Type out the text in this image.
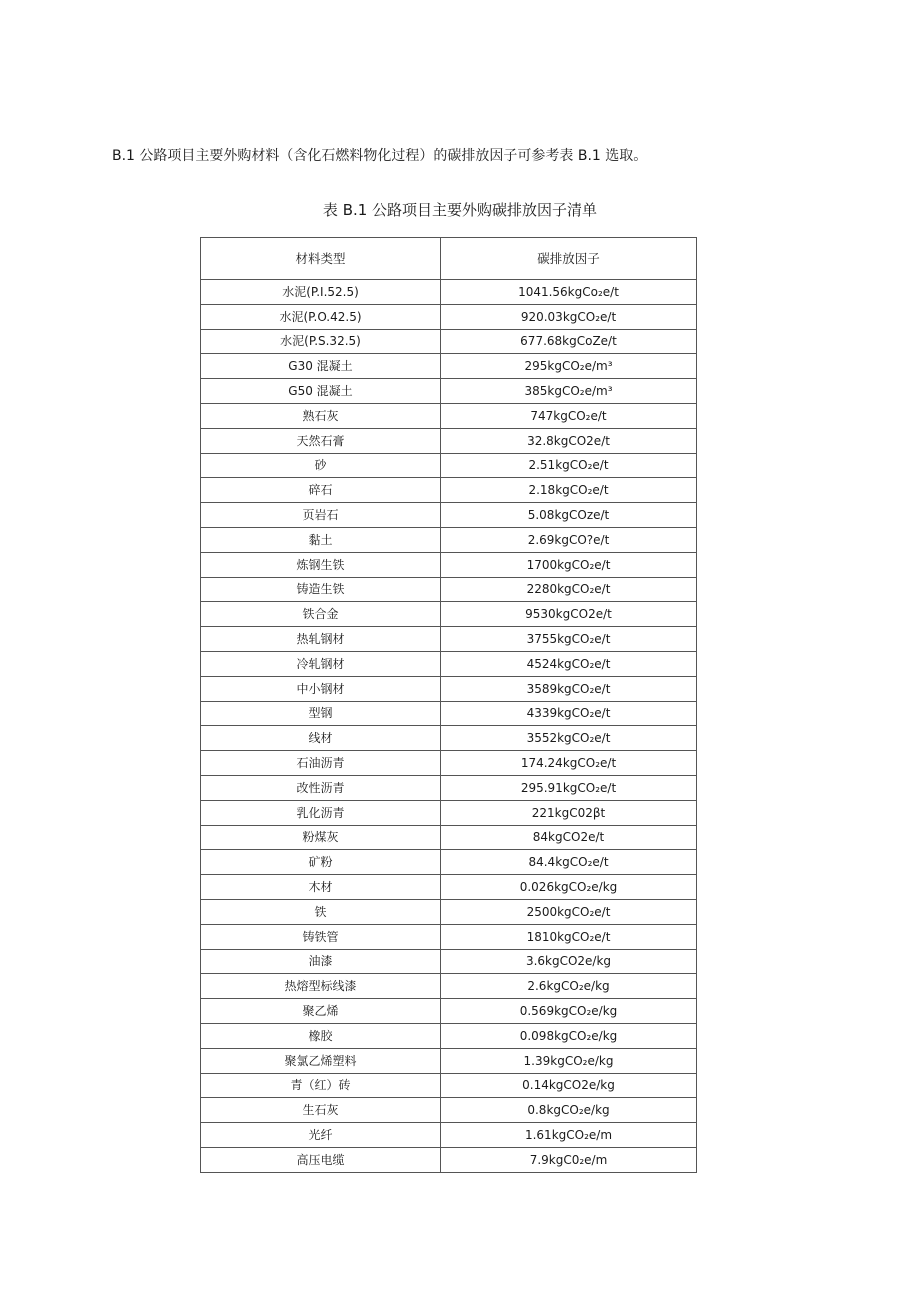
B.1 公路项目主要外购材料（含化石燃料物化过程）的碳排放因子可参考表 B.1 选取。
表 B.1 公路项目主要外购碳排放因子清单
材料类型	碳排放因子
水泥(P.I.52.5)	1041.56kgCo₂e/t
水泥(P.O.42.5)	920.03kgCO₂e/t
水泥(P.S.32.5)	677.68kgCoZe/t
G30 混凝土	295kgCO₂e/m³
G50 混凝土	385kgCO₂e/m³
熟石灰	747kgCO₂e/t
天然石膏	32.8kgCO2e/t
砂	2.51kgCO₂e/t
碎石	2.18kgCO₂e/t
页岩石	5.08kgCOze/t
黏土	2.69kgCO?e/t
炼钢生铁	1700kgCO₂e/t
铸造生铁	2280kgCO₂e/t
铁合金	9530kgCO2e/t
热轧钢材	3755kgCO₂e/t
冷轧钢材	4524kgCO₂e/t
中小钢材	3589kgCO₂e/t
型钢	4339kgCO₂e/t
线材	3552kgCO₂e/t
石油沥青	174.24kgCO₂e/t
改性沥青	295.91kgCO₂e/t
乳化沥青	221kgC02βt
粉煤灰	84kgCO2e/t
矿粉	84.4kgCO₂e/t
木材	0.026kgCO₂e/kg
铁	2500kgCO₂e/t
铸铁管	1810kgCO₂e/t
油漆	3.6kgCO2e/kg
热熔型标线漆	2.6kgCO₂e/kg
聚乙烯	0.569kgCO₂e/kg
橡胶	0.098kgCO₂e/kg
聚氯乙烯塑料	1.39kgCO₂e/kg
青（红）砖	0.14kgCO2e/kg
生石灰	0.8kgCO₂e/kg
光纤	1.61kgCO₂e/m
高压电缆	7.9kgC0₂e/m
